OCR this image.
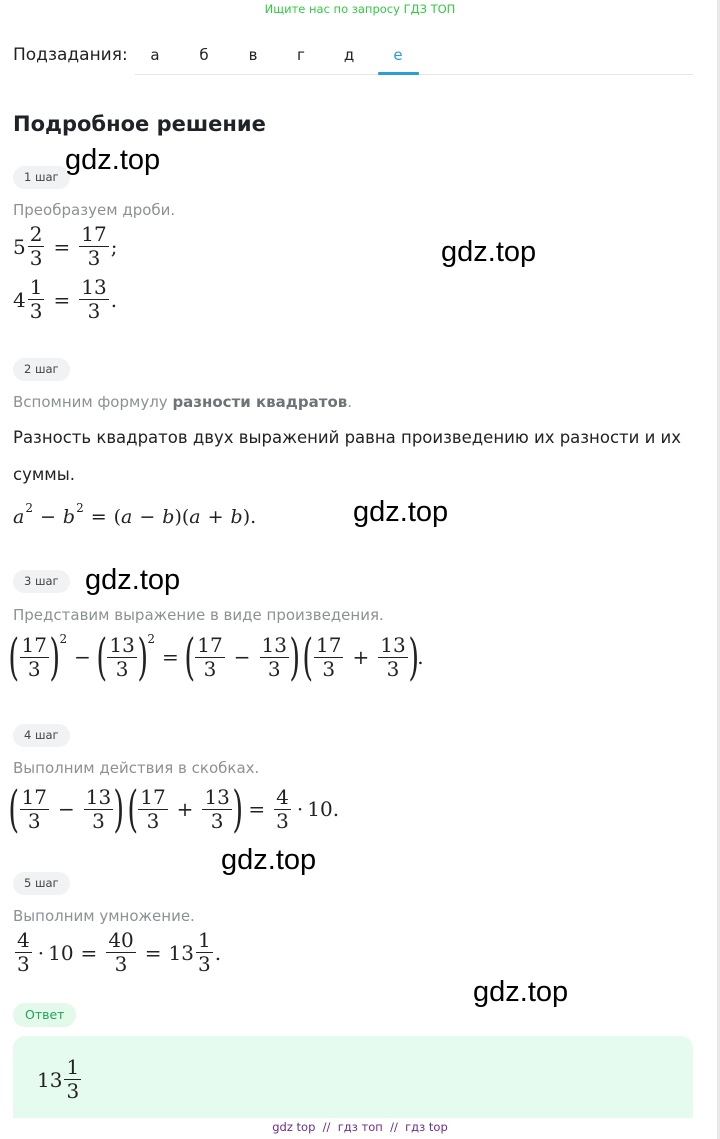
Ищите нас по запросу ГДЗ ТОП
Подзадания:	а	б	в	г	д	е
Подробное решение
1 шаг
Преобразуем дроби.
$5 \frac{2}{3} = \frac{17}{3}$ ;
$4 \frac{1}{3} = \frac{13}{3}$ .
2 шаг
Вспомним формулу разности квадратов.
Разность квадратов двух выражений равна произведению их разности и их
суммы.
a 2 − b 2 = ( a − b )( a + b ).
3 шаг
Представим выражение в виде произведения.
( $\frac{17}{3}$ ) 2
− ( $\frac{13}{3}$ ) 2
= ( $\frac{17}{3} - \frac{13}{3}$ ) ( $\frac{17}{3} + \frac{13}{3}$ )
.
4 шаг
Выполним действия в скобках.
( $\frac{17}{3} - \frac{13}{3}$ ) ( $\frac{17}{3} + \frac{13}{3}$ ) = $\frac{4}{3} \cdot 10$ .
5 шаг
Выполним умножение.
$\frac{4}{3} \cdot 10 = \frac{40}{3} = 13 \frac{1}{3}$ .
Ответ
$13 \frac{1}{3}$
gdz.top
gdz.top
gdz.top
gdz.top
gdz.top
gdz.top
gdz top  //  гдз топ  //  гдз top
